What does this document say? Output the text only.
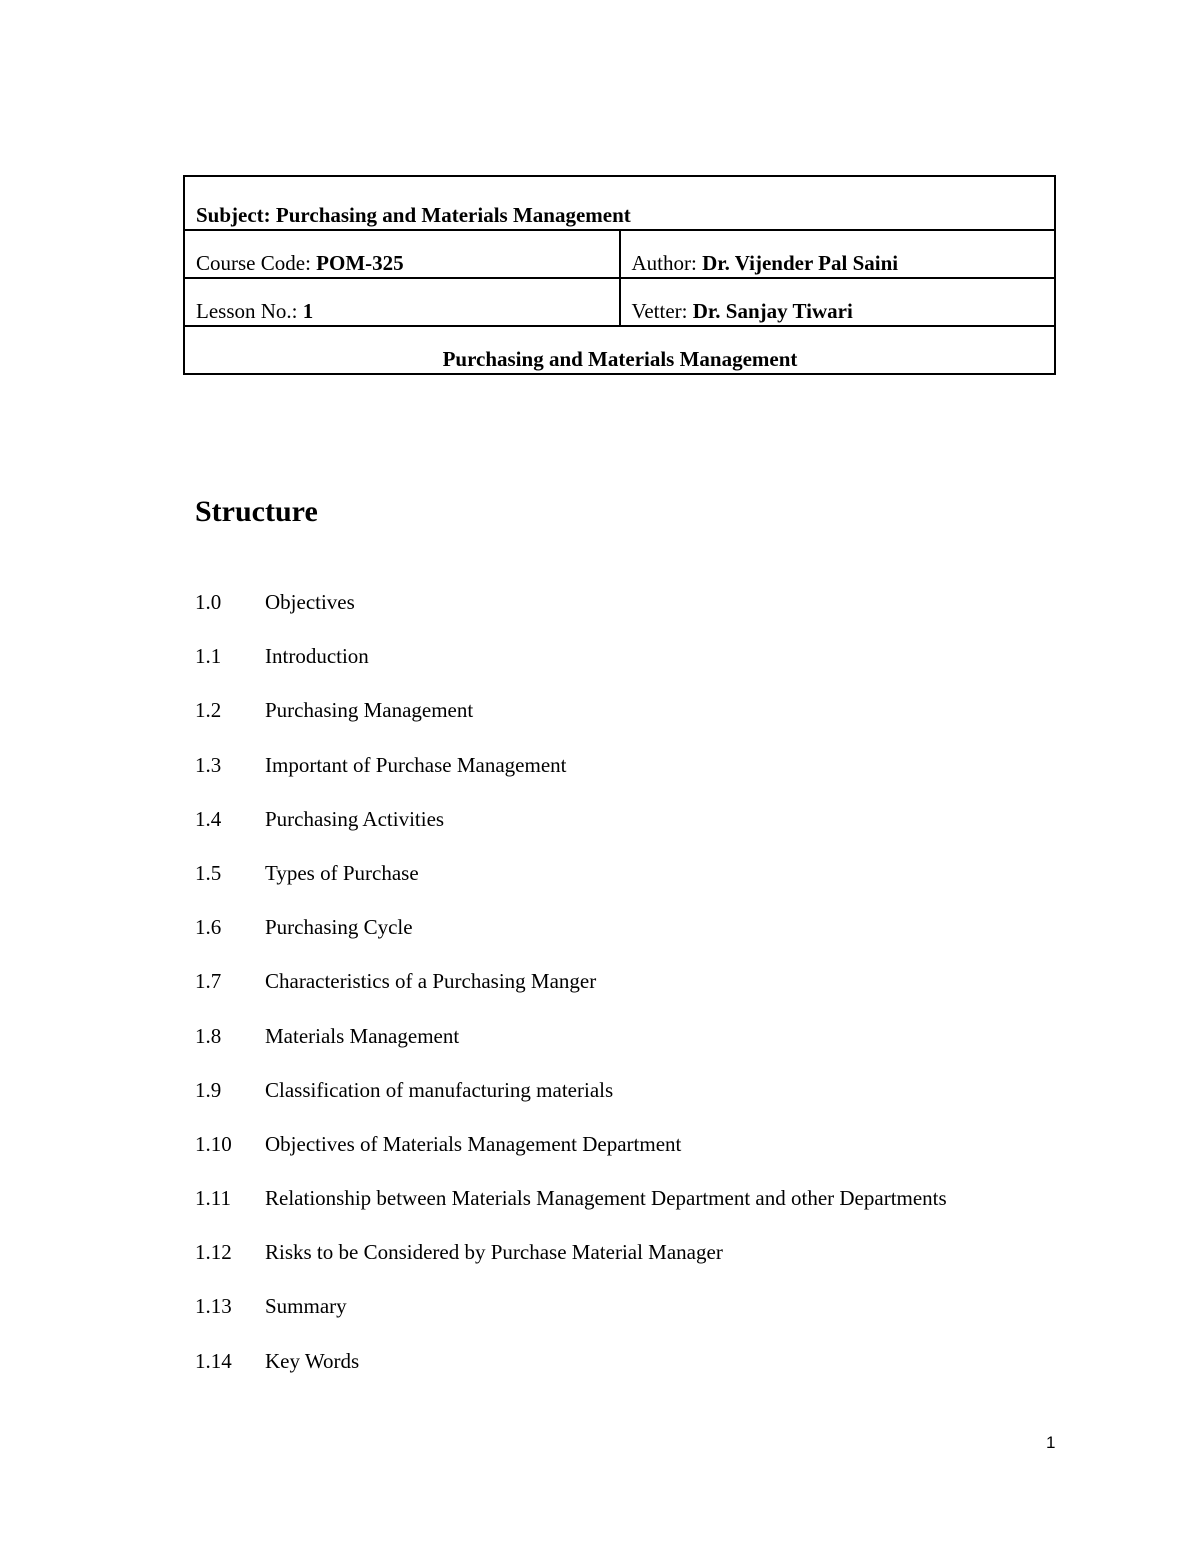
Subject: Purchasing and Materials Management	
Course Code: POM-325	Author: Dr. Vijender Pal Saini
Lesson No.: 1	Vetter: Dr. Sanjay Tiwari
Purchasing and Materials Management	
Structure
1.0 Objectives
1.1 Introduction
1.2 Purchasing Management
1.3 Important of Purchase Management
1.4 Purchasing Activities
1.5 Types of Purchase
1.6 Purchasing Cycle
1.7 Characteristics of a Purchasing Manger
1.8 Materials Management
1.9 Classification of manufacturing materials
1.10 Objectives of Materials Management Department
1.11 Relationship between Materials Management Department and other Departments
1.12 Risks to be Considered by Purchase Material Manager
1.13 Summary
1.14 Key Words
1
